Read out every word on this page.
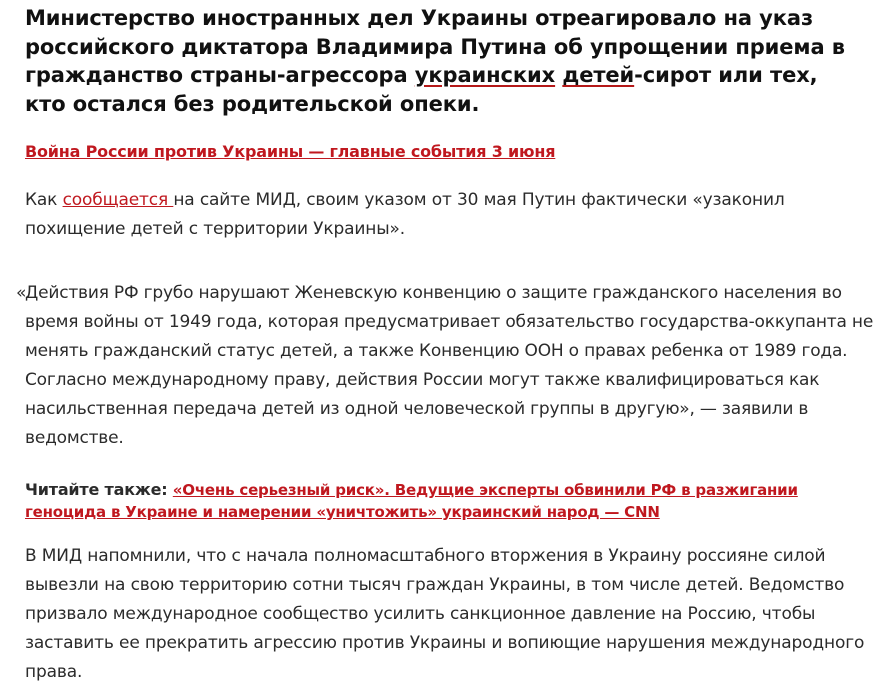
Министерство иностранных дел Украины отреагировало на указ российского диктатора Владимира Путина об упрощении приема в гражданство страны-агрессора украинских детей-сирот или тех, кто остался без родительской опеки.

Война России против Украины — главные события 3 июня

Как сообщается на сайте МИД, своим указом от 30 мая Путин фактически «узаконил похищение детей с территории Украины».

«
Действия РФ грубо нарушают Женевскую конвенцию о защите гражданского населения во время войны от 1949 года, которая предусматривает обязательство государства-оккупанта не менять гражданский статус детей, а также Конвенцию ООН о правах ребенка от 1989 года. Согласно международному праву, действия России могут также квалифицироваться как насильственная передача детей из одной человеческой группы в другую», — заявили в ведомстве.

Читайте также: «Очень серьезный риск». Ведущие эксперты обвинили РФ в разжигании геноцида в Украине и намерении «уничтожить» украинский народ — CNN

В МИД напомнили, что с начала полномасштабного вторжения в Украину россияне силой вывезли на свою территорию сотни тысяч граждан Украины, в том числе детей. Ведомство призвало международное сообщество усилить санкционное давление на Россию, чтобы заставить ее прекратить агрессию против Украины и вопиющие нарушения международного права.
